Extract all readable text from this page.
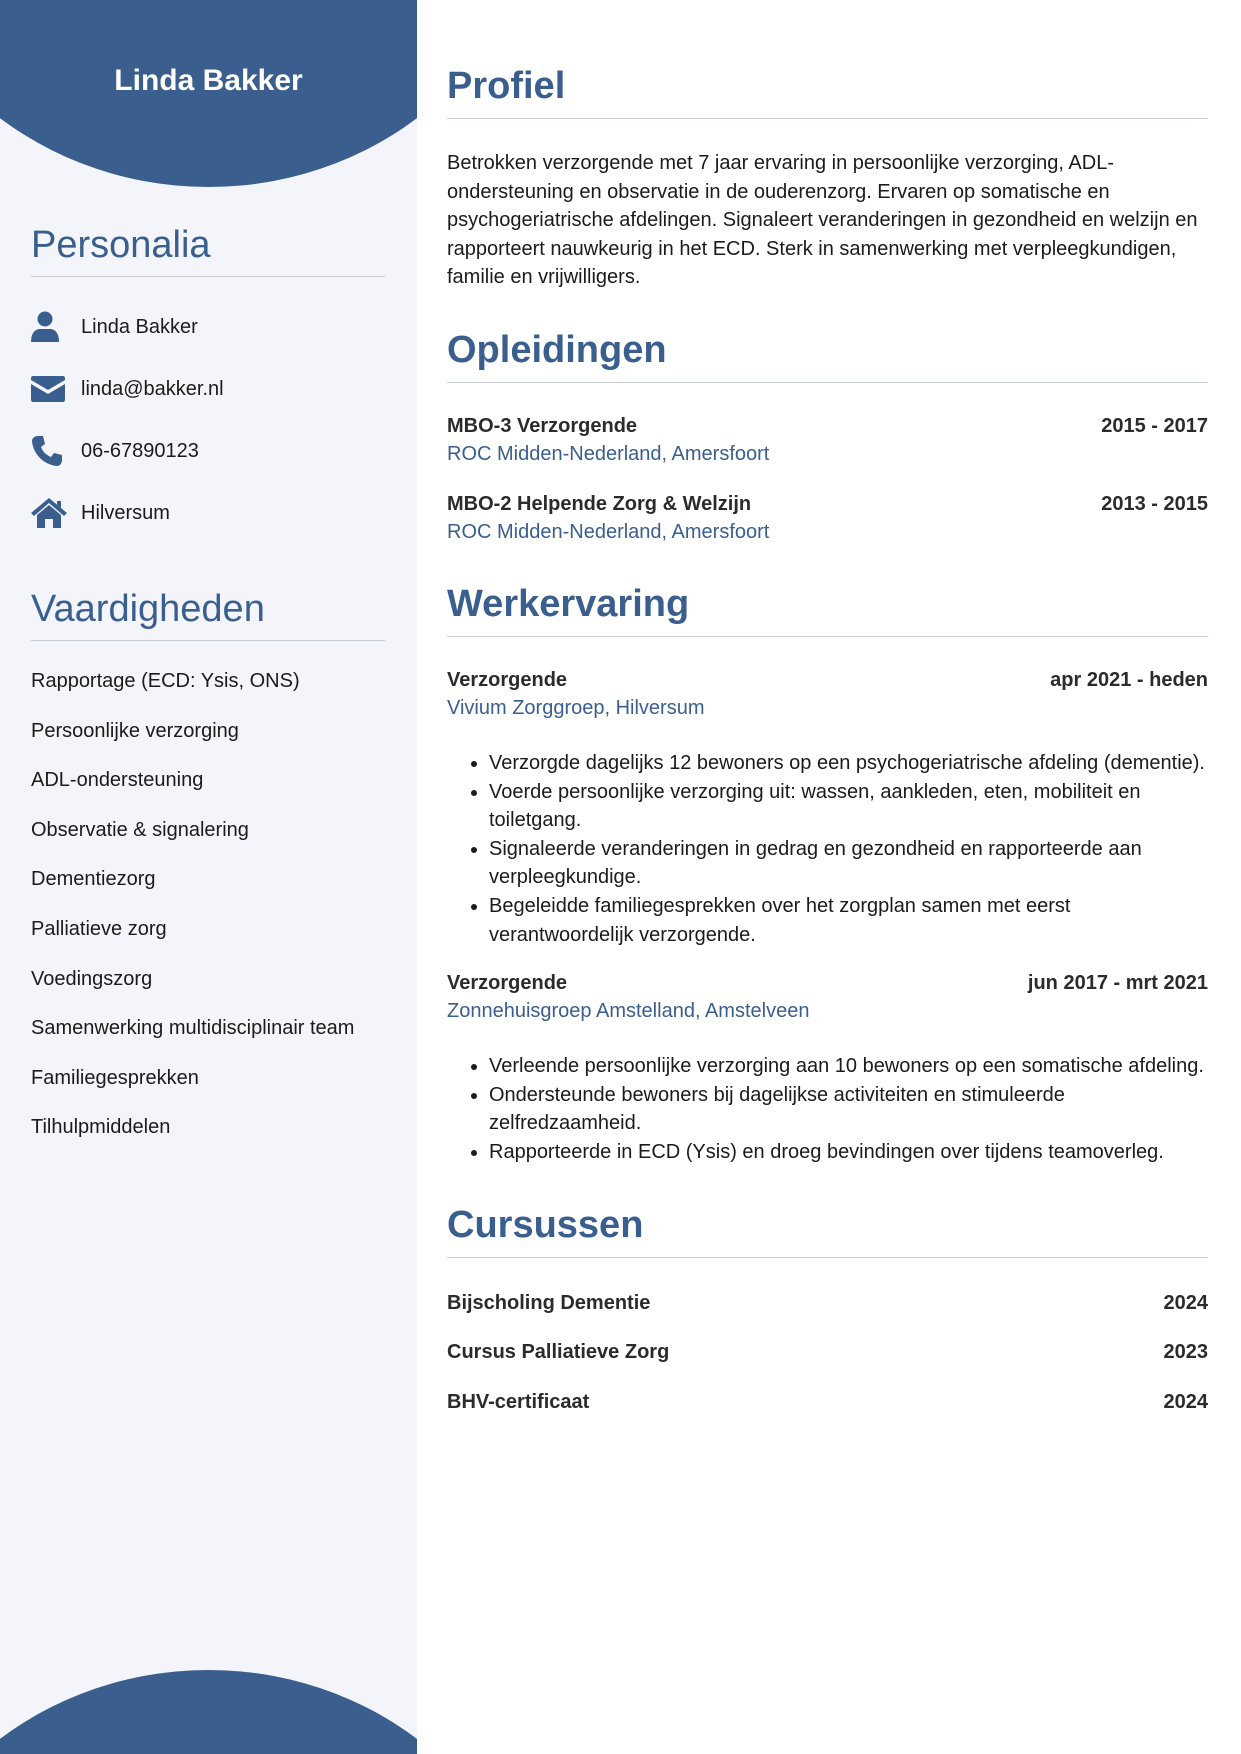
Linda Bakker
Personalia
Linda Bakker
linda@bakker.nl
06-67890123
Hilversum
Vaardigheden
Rapportage (ECD: Ysis, ONS)
Persoonlijke verzorging
ADL-ondersteuning
Observatie & signalering
Dementiezorg
Palliatieve zorg
Voedingszorg
Samenwerking multidisciplinair team
Familiegesprekken
Tilhulpmiddelen
Profiel

Betrokken verzorgende met 7 jaar ervaring in persoonlijke verzorging, ADL-ondersteuning en observatie in de ouderenzorg. Ervaren op somatische en psychogeriatrische afdelingen. Signaleert veranderingen in gezondheid en welzijn en rapporteert nauwkeurig in het ECD. Sterk in samenwerking met verpleegkundigen, familie en vrijwilligers.

Opleidingen
MBO-3 Verzorgende	2015 - 2017
ROC Midden-Nederland, Amersfoort
MBO-2 Helpende Zorg & Welzijn	2013 - 2015
ROC Midden-Nederland, Amersfoort
Werkervaring
Verzorgende	apr 2021 - heden
Vivium Zorggroep, Hilversum
• Verzorgde dagelijks 12 bewoners op een psychogeriatrische afdeling (dementie).
• Voerde persoonlijke verzorging uit: wassen, aankleden, eten, mobiliteit en toiletgang.
• Signaleerde veranderingen in gedrag en gezondheid en rapporteerde aan verpleegkundige.
• Begeleidde familiegesprekken over het zorgplan samen met eerst verantwoordelijk verzorgende.
Verzorgende	jun 2017 - mrt 2021
Zonnehuisgroep Amstelland, Amstelveen
• Verleende persoonlijke verzorging aan 10 bewoners op een somatische afdeling.
• Ondersteunde bewoners bij dagelijkse activiteiten en stimuleerde zelfredzaamheid.
• Rapporteerde in ECD (Ysis) en droeg bevindingen over tijdens teamoverleg.
Cursussen
Bijscholing Dementie	2024
Cursus Palliatieve Zorg	2023
BHV-certificaat	2024
